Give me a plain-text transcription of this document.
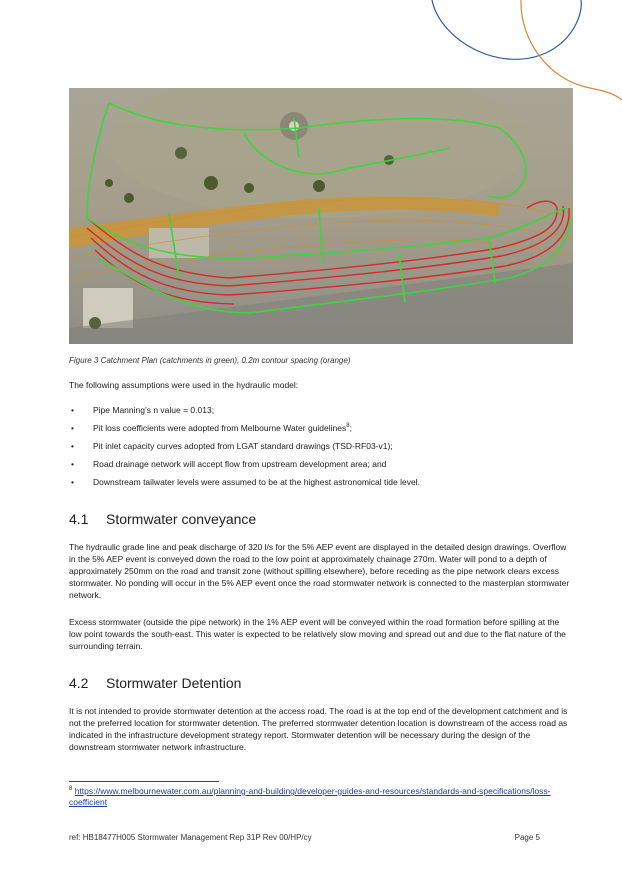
Figure 3 Catchment Plan (catchments in green), 0.2m contour spacing (orange)
The following assumptions were used in the hydraulic model:
• Pipe Manning’s n value = 0.013;
• Pit loss coefficients were adopted from Melbourne Water guidelines$^8$;
• Pit inlet capacity curves adopted from LGAT standard drawings (TSD-RF03-v1);
• Road drainage network will accept flow from upstream development area; and
• Downstream tailwater levels were assumed to be at the highest astronomical tide level.
4.1 Stormwater conveyance
The hydraulic grade line and peak discharge of 320 l/s for the 5% AEP event are displayed in the detailed design drawings. Overflow in the 5% AEP event is conveyed down the road to the low point at approximately chainage 270m. Water will pond to a depth of approximately 250mm on the road and transit zone (without spilling elsewhere), before receding as the pipe network clears excess stormwater. No ponding will occur in the 5% AEP event once the road stormwater network is connected to the masterplan stormwater network.
Excess stormwater (outside the pipe network) in the 1% AEP event will be conveyed within the road formation before spilling at the low point towards the south-east. This water is expected to be relatively slow moving and spread out and due to the flat nature of the surrounding terrain.
4.2 Stormwater Detention
It is not intended to provide stormwater detention at the access road. The road is at the top end of the development catchment and is not the preferred location for stormwater detention. The preferred stormwater detention location is downstream of the access road as indicated in the infrastructure development strategy report. Stormwater detention will be necessary during the design of the downstream stormwater network infrastructure.
$^8$ https://www.melbournewater.com.au/planning-and-building/developer-guides-and-resources/standards-and-specifications/loss-coefficient
ref: HB18477H005 Stormwater Management Rep 31P Rev 00/HP/cy	Page 5
